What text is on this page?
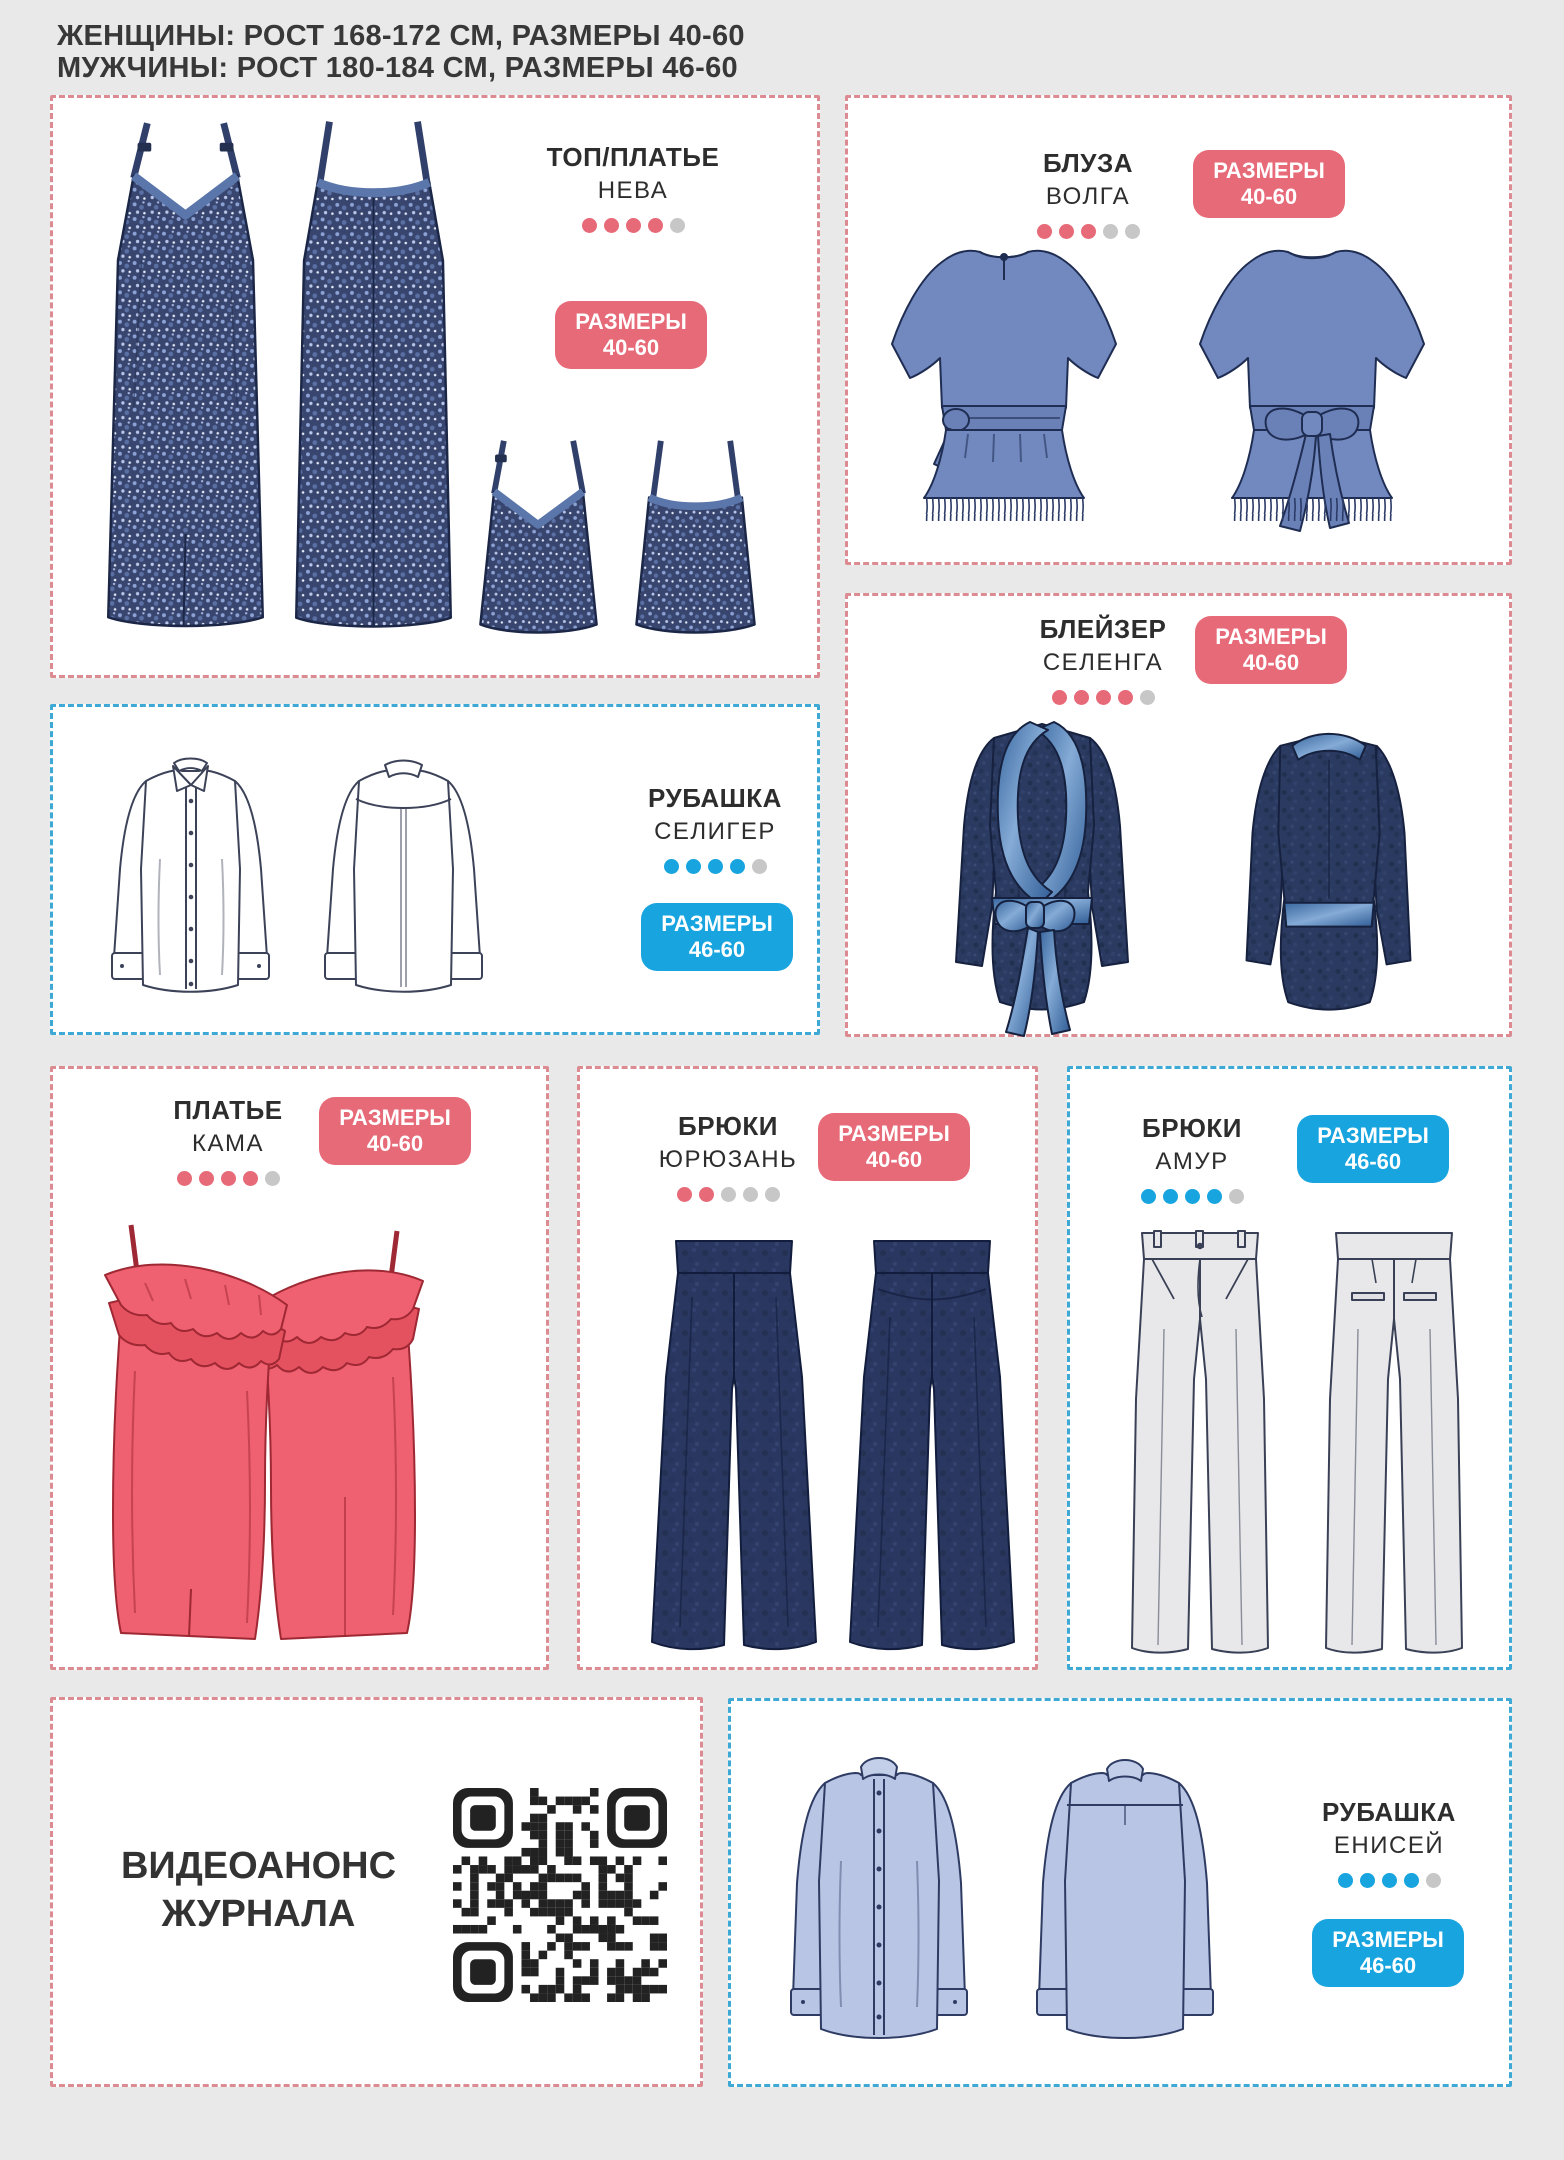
ЖЕНЩИНЫ: РОСТ 168-172 СМ, РАЗМЕРЫ 40-60
МУЖЧИНЫ: РОСТ 180-184 СМ, РАЗМЕРЫ 46-60
ТОП/ПЛАТЬЕ
НЕВА
РАЗМЕРЫ
40-60
БЛУЗА
ВОЛГА
РАЗМЕРЫ
40-60
РУБАШКА
СЕЛИГЕР
РАЗМЕРЫ
46-60
БЛЕЙЗЕР
СЕЛЕНГА
РАЗМЕРЫ
40-60
ПЛАТЬЕ
КАМА
РАЗМЕРЫ
40-60
БРЮКИ
ЮРЮЗАНЬ
РАЗМЕРЫ
40-60
БРЮКИ
АМУР
РАЗМЕРЫ
46-60
ВИДЕОАНОНС
ЖУРНАЛА
РУБАШКА
ЕНИСЕЙ
РАЗМЕРЫ
46-60
